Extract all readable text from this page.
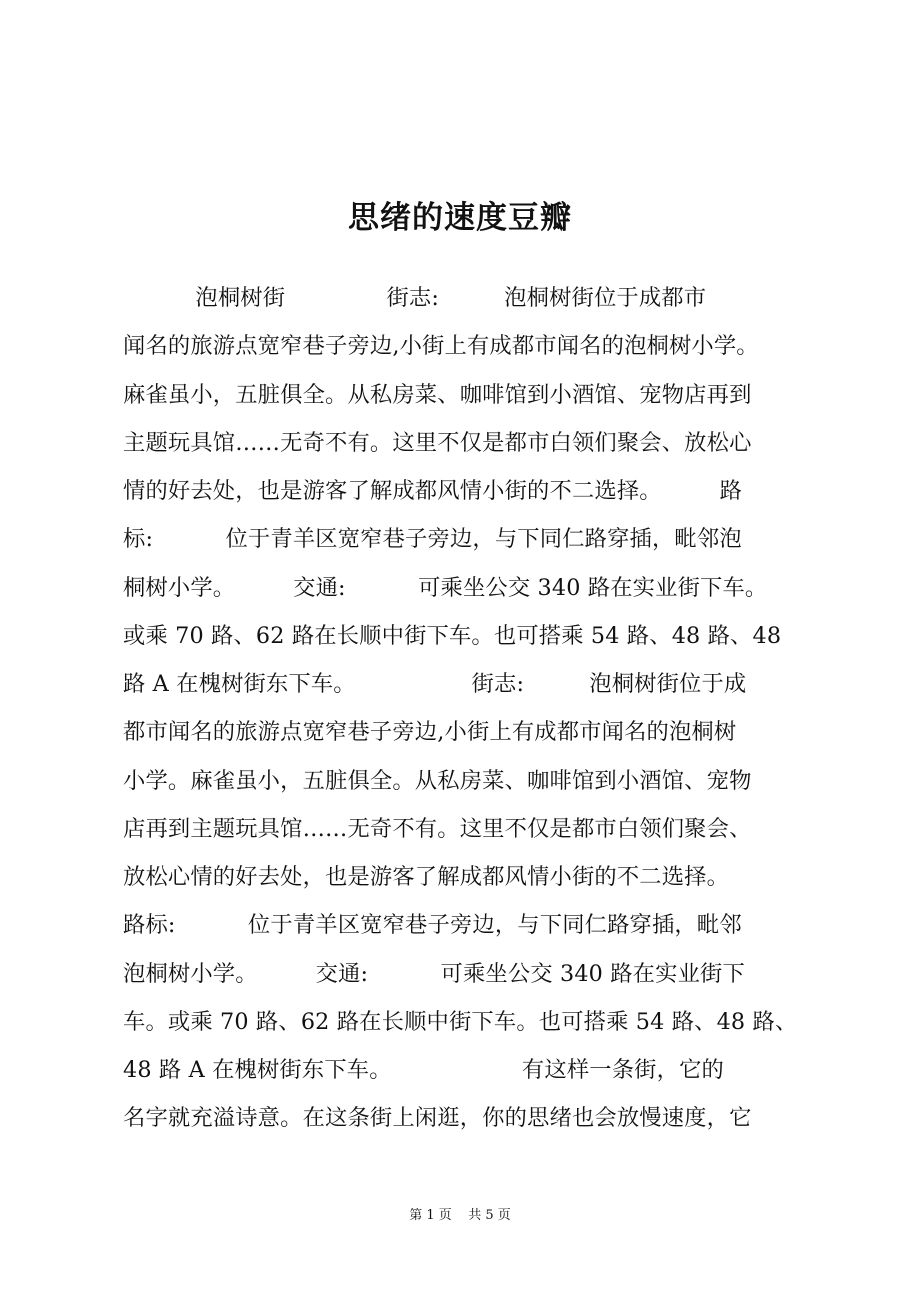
思绪的速度豆瓣
泡桐树街              街志:         泡桐树街位于成都市
闻名的旅游点宽窄巷子旁边,小街上有成都市闻名的泡桐树小学。
麻雀虽小，五脏俱全。从私房菜、咖啡馆到小酒馆、宠物店再到
主题玩具馆……无奇不有。这里不仅是都市白领们聚会、放松心
情的好去处，也是游客了解成都风情小街的不二选择。        路
标:          位于青羊区宽窄巷子旁边，与下同仁路穿插，毗邻泡
桐树小学。        交通:          可乘坐公交 340 路在实业街下车。
或乘 70 路、62 路在长顺中街下车。也可搭乘 54 路、48 路、48
路 A 在槐树街东下车。                街志:         泡桐树街位于成
都市闻名的旅游点宽窄巷子旁边,小街上有成都市闻名的泡桐树
小学。麻雀虽小，五脏俱全。从私房菜、咖啡馆到小酒馆、宠物
店再到主题玩具馆……无奇不有。这里不仅是都市白领们聚会、
放松心情的好去处，也是游客了解成都风情小街的不二选择。
路标:          位于青羊区宽窄巷子旁边，与下同仁路穿插，毗邻
泡桐树小学。        交通:          可乘坐公交 340 路在实业街下
车。或乘 70 路、62 路在长顺中街下车。也可搭乘 54 路、48 路、
48 路 A 在槐树街东下车。                  有这样一条街，它的
名字就充溢诗意。在这条街上闲逛，你的思绪也会放慢速度，它
第 1 页    共 5 页
